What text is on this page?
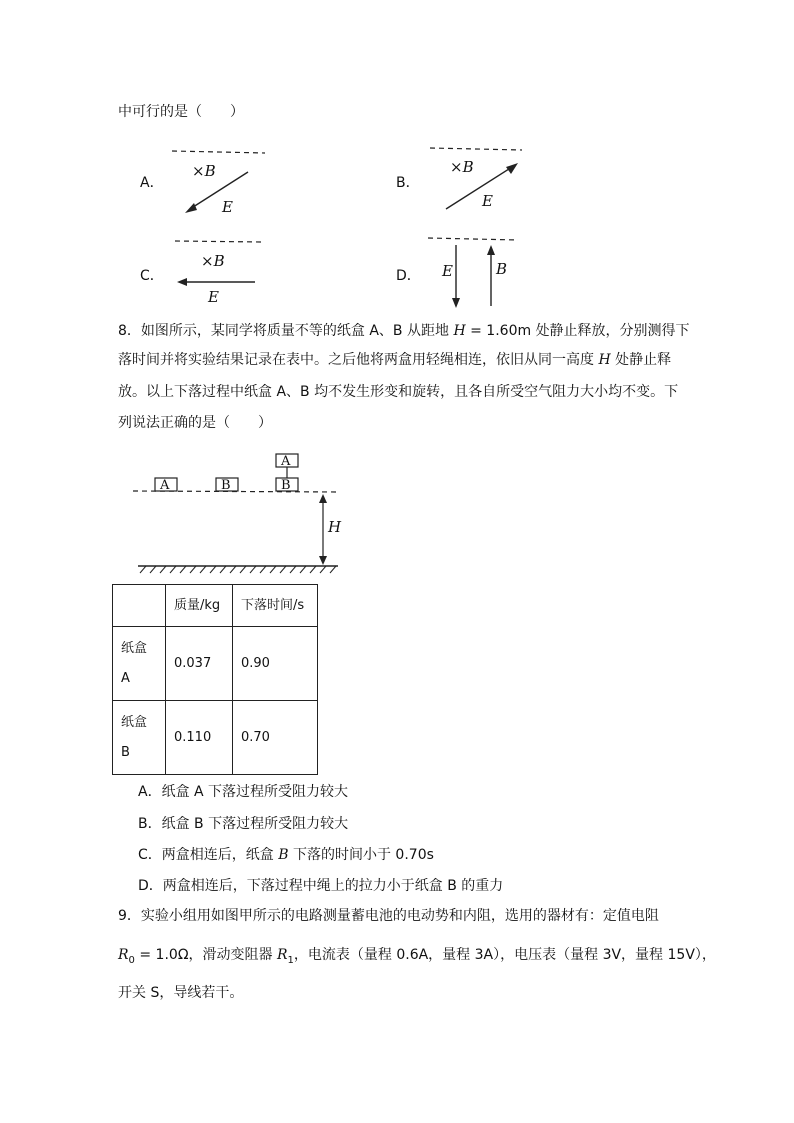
中可行的是（　　）
A．
×B
E
B．
×B
E
C．
×B
E
D． E	B
8．如图所示，某同学将质量不等的纸盒 A、B 从距地 H = 1.60m 处静止释放，分别测得下
落时间并将实验结果记录在表中。之后他将两盒用轻绳相连，依旧从同一高度 H 处静止释
放。以上下落过程中纸盒 A、B 均不发生形变和旋转，且各自所受空气阻力大小均不变。下
列说法正确的是（　　）
A	B
A
B
H
	质量/kg	下落时间/s
纸盒
A	0.037	0.90
纸盒
B	0.110	0.70
A．纸盒 A 下落过程所受阻力较大
B．纸盒 B 下落过程所受阻力较大
C．两盒相连后，纸盒 B 下落的时间小于 0.70s
D．两盒相连后，下落过程中绳上的拉力小于纸盒 B 的重力
9．实验小组用如图甲所示的电路测量蓄电池的电动势和内阻，选用的器材有：定值电阻
$R_0 = 1.0\Omega$，滑动变阻器 $R_1$，电流表（量程 0.6A，量程 3A），电压表（量程 3V，量程 15V），
开关 S，导线若干。
